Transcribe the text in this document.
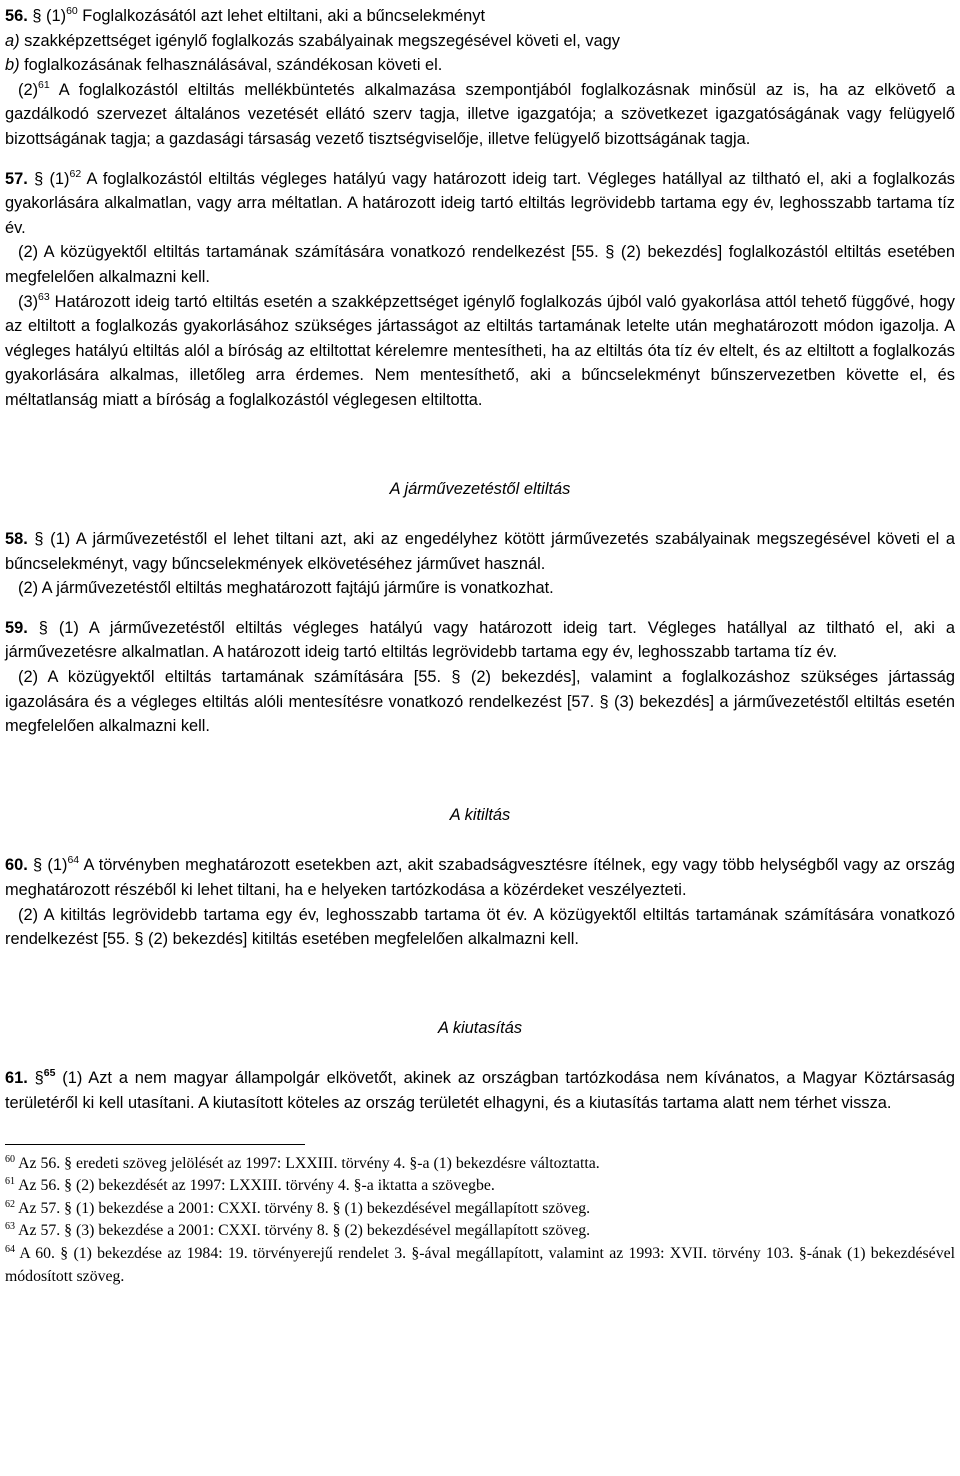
56. § $(1)^{60}$ Foglalkozásától azt lehet eltiltani, aki a bűncselekményt

a) szakképzettséget igénylő foglalkozás szabályainak megszegésével követi el, vagy

b) foglalkozásának felhasználásával, szándékosan követi el.

$(2)^{61}$ A foglalkozástól eltiltás mellékbüntetés alkalmazása szempontjából foglalkozásnak minősül az is, ha az elkövető a gazdálkodó szervezet általános vezetését ellátó szerv tagja, illetve igazgatója; a szövetkezet igazgatóságának vagy felügyelő bizottságának tagja; a gazdasági társaság vezető tisztségviselője, illetve felügyelő bizottságának tagja.

57. § $(1)^{62}$ A foglalkozástól eltiltás végleges hatályú vagy határozott ideig tart. Végleges hatállyal az tiltható el, aki a foglalkozás gyakorlására alkalmatlan, vagy arra méltatlan. A határozott ideig tartó eltiltás legrövidebb tartama egy év, leghosszabb tartama tíz év.

(2) A közügyektől eltiltás tartamának számítására vonatkozó rendelkezést [55. § (2) bekezdés] foglalkozástól eltiltás esetében megfelelően alkalmazni kell.

$(3)^{63}$ Határozott ideig tartó eltiltás esetén a szakképzettséget igénylő foglalkozás újból való gyakorlása attól tehető függővé, hogy az eltiltott a foglalkozás gyakorlásához szükséges jártasságot az eltiltás tartamának letelte után meghatározott módon igazolja. A végleges hatályú eltiltás alól a bíróság az eltiltottat kérelemre mentesítheti, ha az eltiltás óta tíz év eltelt, és az eltiltott a foglalkozás gyakorlására alkalmas, illetőleg arra érdemes. Nem mentesíthető, aki a bűncselekményt bűnszervezetben követte el, és méltatlanság miatt a bíróság a foglalkozástól véglegesen eltiltotta.

A járművezetéstől eltiltás

58. § (1) A járművezetéstől el lehet tiltani azt, aki az engedélyhez kötött járművezetés szabályainak megszegésével követi el a bűncselekményt, vagy bűncselekmények elkövetéséhez járművet használ.

(2) A járművezetéstől eltiltás meghatározott fajtájú járműre is vonatkozhat.

59. § (1) A járművezetéstől eltiltás végleges hatályú vagy határozott ideig tart. Végleges hatállyal az tiltható el, aki a járművezetésre alkalmatlan. A határozott ideig tartó eltiltás legrövidebb tartama egy év, leghosszabb tartama tíz év.

(2) A közügyektől eltiltás tartamának számítására [55. § (2) bekezdés], valamint a foglalkozáshoz szükséges jártasság igazolására és a végleges eltiltás alóli mentesítésre vonatkozó rendelkezést [57. § (3) bekezdés] a járművezetéstől eltiltás esetén megfelelően alkalmazni kell.

A kitiltás

60. § $(1)^{64}$ A törvényben meghatározott esetekben azt, akit szabadságvesztésre ítélnek, egy vagy több helységből vagy az ország meghatározott részéből ki lehet tiltani, ha e helyeken tartózkodása a közérdeket veszélyezteti.

(2) A kitiltás legrövidebb tartama egy év, leghosszabb tartama öt év. A közügyektől eltiltás tartamának számítására vonatkozó rendelkezést [55. § (2) bekezdés] kitiltás esetében megfelelően alkalmazni kell.

A kiutasítás

61. §$^{65}$ (1) Azt a nem magyar állampolgár elkövetőt, akinek az országban tartózkodása nem kívánatos, a Magyar Köztársaság területéről ki kell utasítani. A kiutasított köteles az ország területét elhagyni, és a kiutasítás tartama alatt nem térhet vissza.

$^{60}$ Az 56. § eredeti szöveg jelölését az 1997: LXXIII. törvény 4. §-a (1) bekezdésre változtatta.

$^{61}$ Az 56. § (2) bekezdését az 1997: LXXIII. törvény 4. §-a iktatta a szövegbe.

$^{62}$ Az 57. § (1) bekezdése a 2001: CXXI. törvény 8. § (1) bekezdésével megállapított szöveg.

$^{63}$ Az 57. § (3) bekezdése a 2001: CXXI. törvény 8. § (2) bekezdésével megállapított szöveg.

$^{64}$ A 60. § (1) bekezdése az 1984: 19. törvényerejű rendelet 3. §-ával megállapított, valamint az 1993: XVII. törvény 103. §-ának (1) bekezdésével módosított szöveg.
